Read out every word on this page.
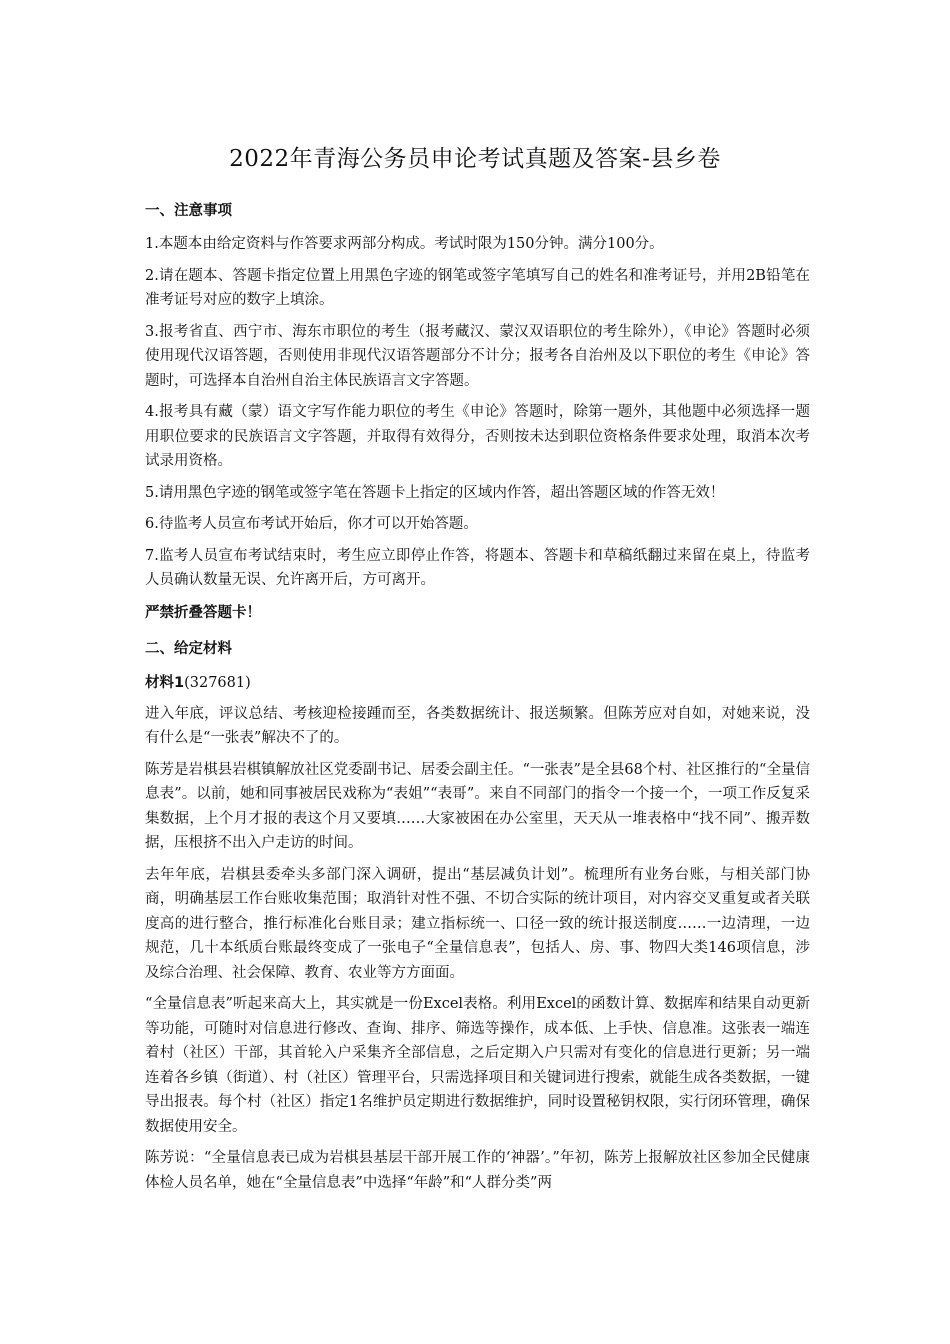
2022年青海公务员申论考试真题及答案-县乡卷
一、注意事项
1.本题本由给定资料与作答要求两部分构成。考试时限为150分钟。满分100分。
2.请在题本、答题卡指定位置上用黑色字迹的钢笔或签字笔填写自己的姓名和准考证号，并用2B铅笔在准考证号对应的数字上填涂。
3.报考省直、西宁市、海东市职位的考生（报考藏汉、蒙汉双语职位的考生除外），《申论》答题时必须使用现代汉语答题，否则使用非现代汉语答题部分不计分；报考各自治州及以下职位的考生《申论》答题时，可选择本自治州自治主体民族语言文字答题。
4.报考具有藏（蒙）语文字写作能力职位的考生《申论》答题时，除第一题外，其他题中必须选择一题用职位要求的民族语言文字答题，并取得有效得分，否则按未达到职位资格条件要求处理，取消本次考试录用资格。
5.请用黑色字迹的钢笔或签字笔在答题卡上指定的区域内作答，超出答题区域的作答无效！
6.待监考人员宣布考试开始后，你才可以开始答题。
7.监考人员宣布考试结束时，考生应立即停止作答，将题本、答题卡和草稿纸翻过来留在桌上，待监考人员确认数量无误、允许离开后，方可离开。
严禁折叠答题卡！
二、给定材料
材料1(327681)
进入年底，评议总结、考核迎检接踵而至，各类数据统计、报送频繁。但陈芳应对自如，对她来说，没有什么是“一张表”解决不了的。
陈芳是岩棋县岩棋镇解放社区党委副书记、居委会副主任。“一张表”是全县68个村、社区推行的“全量信息表”。以前，她和同事被居民戏称为“表姐”“表哥”。来自不同部门的指令一个接一个，一项工作反复采集数据，上个月才报的表这个月又要填……大家被困在办公室里，天天从一堆表格中“找不同”、搬弄数据，压根挤不出入户走访的时间。
去年年底，岩棋县委牵头多部门深入调研，提出“基层减负计划”。梳理所有业务台账，与相关部门协商，明确基层工作台账收集范围；取消针对性不强、不切合实际的统计项目，对内容交叉重复或者关联度高的进行整合，推行标准化台账目录；建立指标统一、口径一致的统计报送制度……一边清理，一边规范，几十本纸质台账最终变成了一张电子“全量信息表”，包括人、房、事、物四大类146项信息，涉及综合治理、社会保障、教育、农业等方方面面。
“全量信息表”听起来高大上，其实就是一份Excel表格。利用Excel的函数计算、数据库和结果自动更新等功能，可随时对信息进行修改、查询、排序、筛选等操作，成本低、上手快、信息准。这张表一端连着村（社区）干部，其首轮入户采集齐全部信息，之后定期入户只需对有变化的信息进行更新；另一端连着各乡镇（街道）、村（社区）管理平台，只需选择项目和关键词进行搜索，就能生成各类数据，一键导出报表。每个村（社区）指定1名维护员定期进行数据维护，同时设置秘钥权限，实行闭环管理，确保数据使用安全。
陈芳说：“全量信息表已成为岩棋县基层干部开展工作的‘神器’。”年初，陈芳上报解放社区参加全民健康体检人员名单，她在“全量信息表”中选择“年龄”和“人群分类”两
